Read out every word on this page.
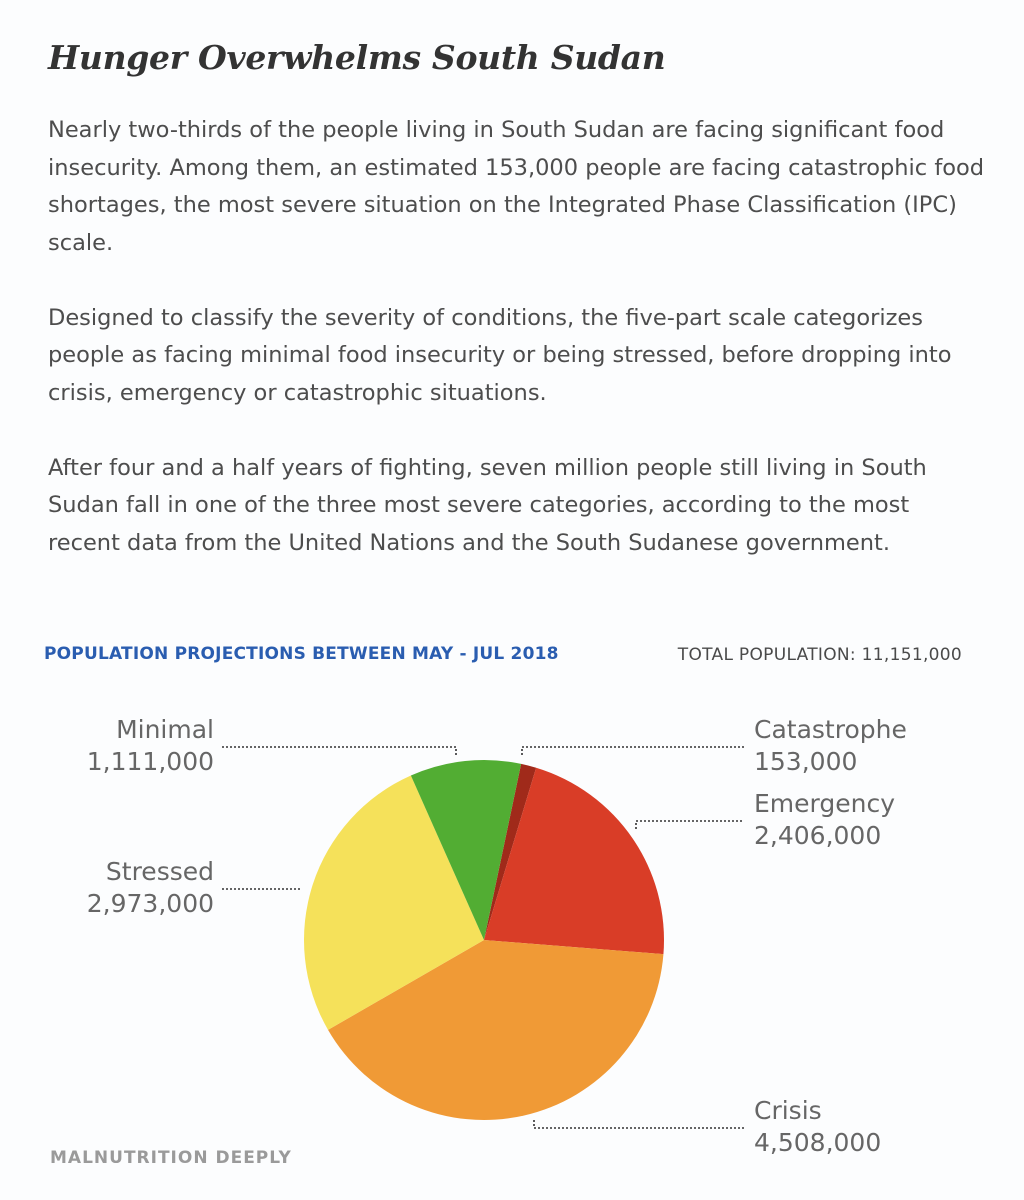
Hunger Overwhelms South Sudan

Nearly two-thirds of the people living in South Sudan are facing significant food insecurity. Among them, an estimated 153,000 people are facing catastrophic food shortages, the most severe situation on the Integrated Phase Classification (IPC) scale.

Designed to classify the severity of conditions, the five-part scale categorizes people as facing minimal food insecurity or being stressed, before dropping into crisis, emergency or catastrophic situations.

After four and a half years of fighting, seven million people still living in South Sudan fall in one of the three most severe categories, according to the most recent data from the United Nations and the South Sudanese government.

POPULATION PROJECTIONS BETWEEN MAY - JUL 2018	TOTAL POPULATION: 11,151,000
Catastrophe
153,000
Emergency
2,406,000
Crisis
4,508,000
Stressed
2,973,000
Minimal
1,111,000
MALNUTRITION DEEPLY
